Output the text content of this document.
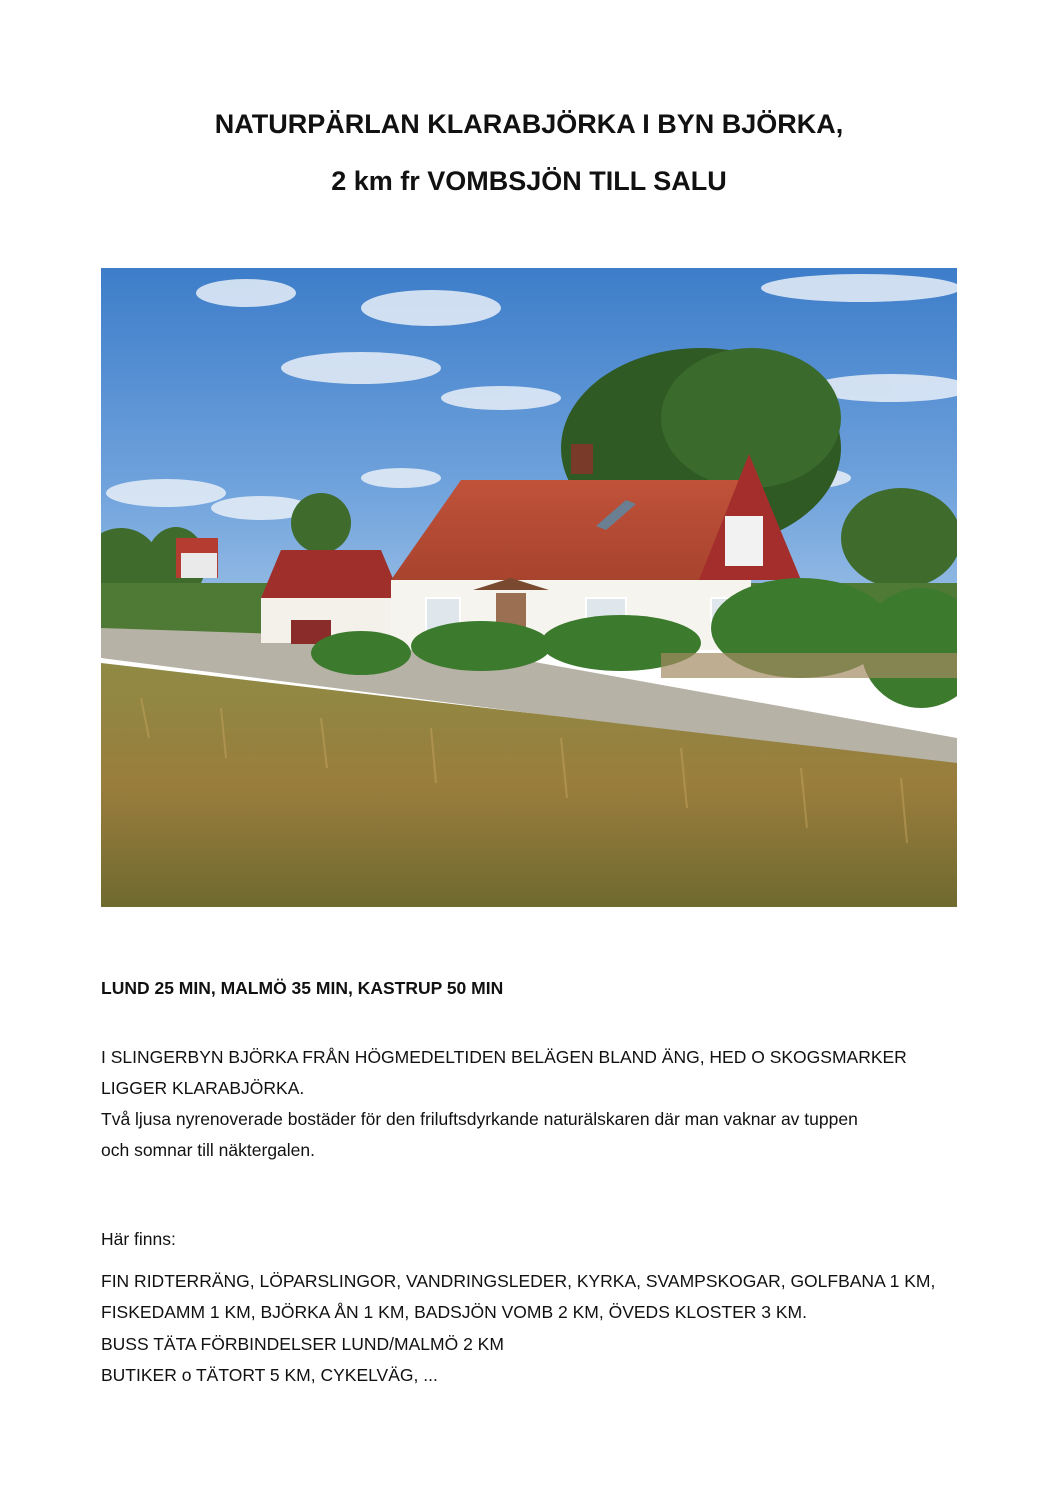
NATURPÄRLAN KLARABJÖRKA I BYN BJÖRKA,
2 km fr VOMBSJÖN TILL SALU
LUND 25 MIN, MALMÖ 35 MIN, KASTRUP 50 MIN
I SLINGERBYN BJÖRKA FRÅN HÖGMEDELTIDEN BELÄGEN BLAND ÄNG, HED O SKOGSMARKER
LIGGER KLARABJÖRKA.
Två ljusa nyrenoverade bostäder för den friluftsdyrkande naturälskaren där man vaknar av tuppen
och somnar till näktergalen.
Här finns:
FIN RIDTERRÄNG, LÖPARSLINGOR, VANDRINGSLEDER, KYRKA, SVAMPSKOGAR, GOLFBANA 1 KM,
FISKEDAMM 1 KM, BJÖRKA ÅN 1 KM, BADSJÖN VOMB 2 KM, ÖVEDS KLOSTER 3 KM.
BUSS TÄTA FÖRBINDELSER LUND/MALMÖ 2 KM
BUTIKER o TÄTORT 5 KM, CYKELVÄG, ...
